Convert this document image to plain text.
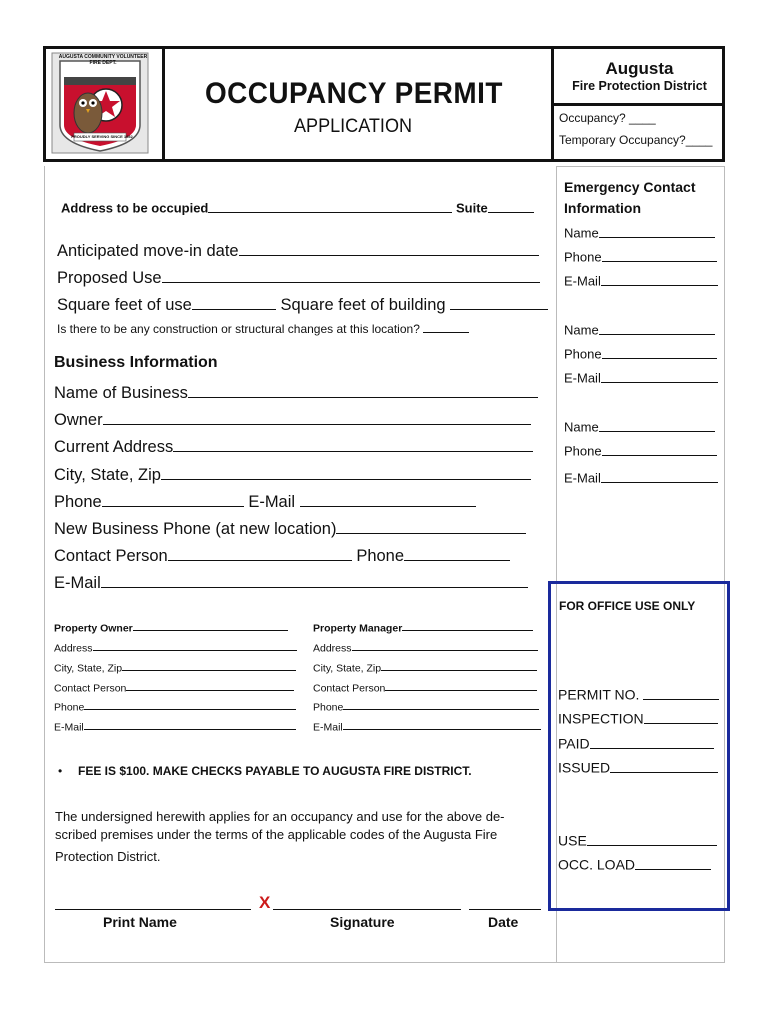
AUGUSTA COMMUNITY VOLUNTEER FIRE DEPT.
PROUDLY SERVING SINCE 1952
OCCUPANCY PERMIT
APPLICATION
Augusta
Fire Protection District
Occupancy? ____
Temporary Occupancy?____
Address to be occupied	Suite
Anticipated move-in date
Proposed Use
Square feet of use	Square feet of building
Is there to be any construction or structural changes at this location?
Business Information
Name of Business
Owner
Current Address
City, State, Zip
Phone	E-Mail
New Business Phone (at new location)
Contact Person	Phone
E-Mail
Property Owner	Property Manager
Address	Address
City, State, Zip	City, State, Zip
Contact Person	Contact Person
Phone	Phone
E-Mail	E-Mail
• FEE IS $100. MAKE CHECKS PAYABLE TO AUGUSTA FIRE DISTRICT.
The undersigned herewith applies for an occupancy and use for the above de-
scribed premises under the terms of the applicable codes of the Augusta Fire
Protection District.
X
Print Name	Signature	Date
Emergency Contact
Information
Name
Phone
E-Mail
Name
Phone
E-Mail
Name
Phone
E-Mail
FOR OFFICE USE ONLY
PERMIT NO.
INSPECTION
PAID
ISSUED
USE
OCC. LOAD
